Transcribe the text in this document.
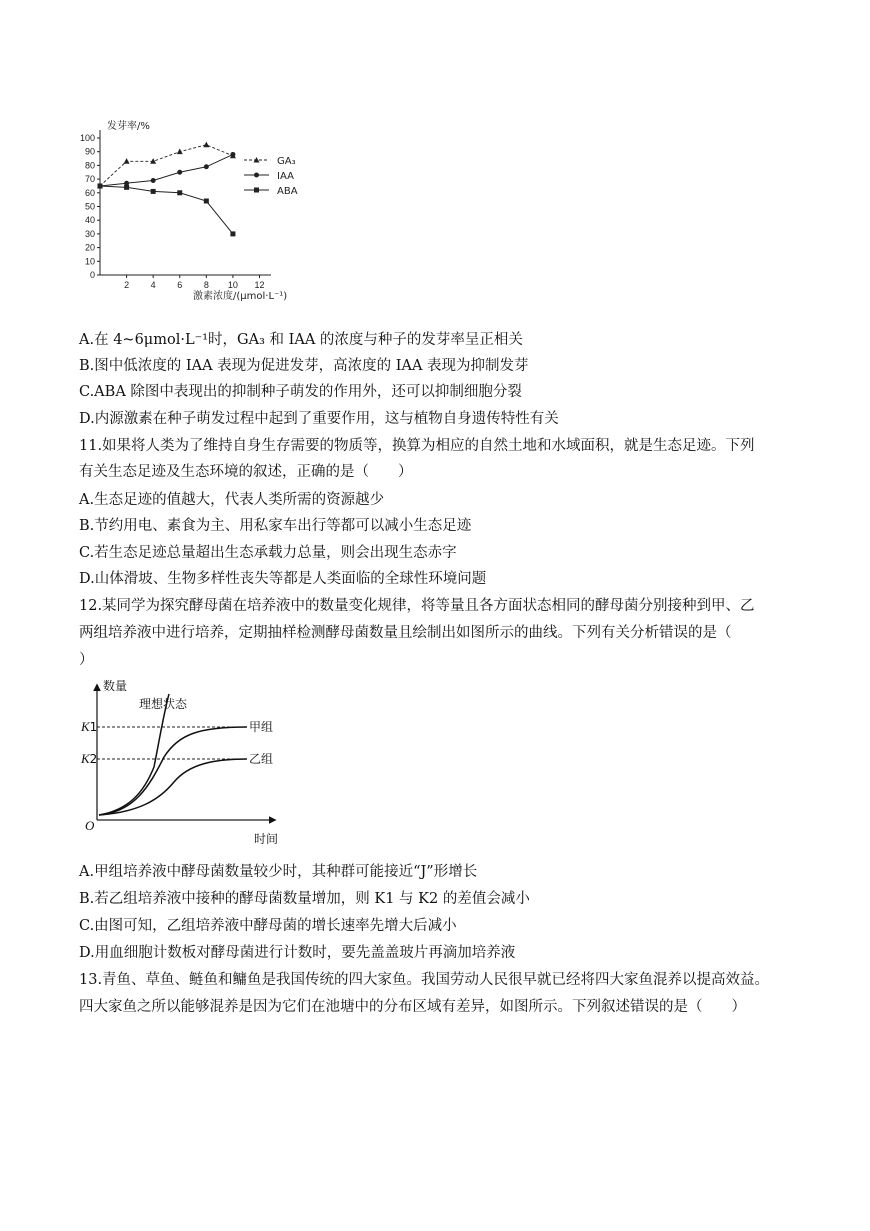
发芽率/%
0
10
20
30
40
50
60
70
80
90
100
2 4 6 8 10 12
激素浓度/(μmol·L⁻¹)
GA₃
IAA
ABA
A.在 4~6μmol·L⁻¹时，GA₃ 和 IAA 的浓度与种子的发芽率呈正相关
B.图中低浓度的 IAA 表现为促进发芽，高浓度的 IAA 表现为抑制发芽
C.ABA 除图中表现出的抑制种子萌发的作用外，还可以抑制细胞分裂
D.内源激素在种子萌发过程中起到了重要作用，这与植物自身遗传特性有关
11.如果将人类为了维持自身生存需要的物质等，换算为相应的自然土地和水域面积，就是生态足迹。下列
有关生态足迹及生态环境的叙述，正确的是（　　）
A.生态足迹的值越大，代表人类所需的资源越少
B.节约用电、素食为主、用私家车出行等都可以减小生态足迹
C.若生态足迹总量超出生态承载力总量，则会出现生态赤字
D.山体滑坡、生物多样性丧失等都是人类面临的全球性环境问题
12.某同学为探究酵母菌在培养液中的数量变化规律，将等量且各方面状态相同的酵母菌分别接种到甲、乙
两组培养液中进行培养，定期抽样检测酵母菌数量且绘制出如图所示的曲线。下列有关分析错误的是（
）
数量
O
时间
K1
K2
理想状态
甲组
乙组
A.甲组培养液中酵母菌数量较少时，其种群可能接近“J”形增长
B.若乙组培养液中接种的酵母菌数量增加，则 K1 与 K2 的差值会减小
C.由图可知，乙组培养液中酵母菌的增长速率先增大后减小
D.用血细胞计数板对酵母菌进行计数时，要先盖盖玻片再滴加培养液
13.青鱼、草鱼、鲢鱼和鳙鱼是我国传统的四大家鱼。我国劳动人民很早就已经将四大家鱼混养以提高效益。
四大家鱼之所以能够混养是因为它们在池塘中的分布区域有差异，如图所示。下列叙述错误的是（　　）
